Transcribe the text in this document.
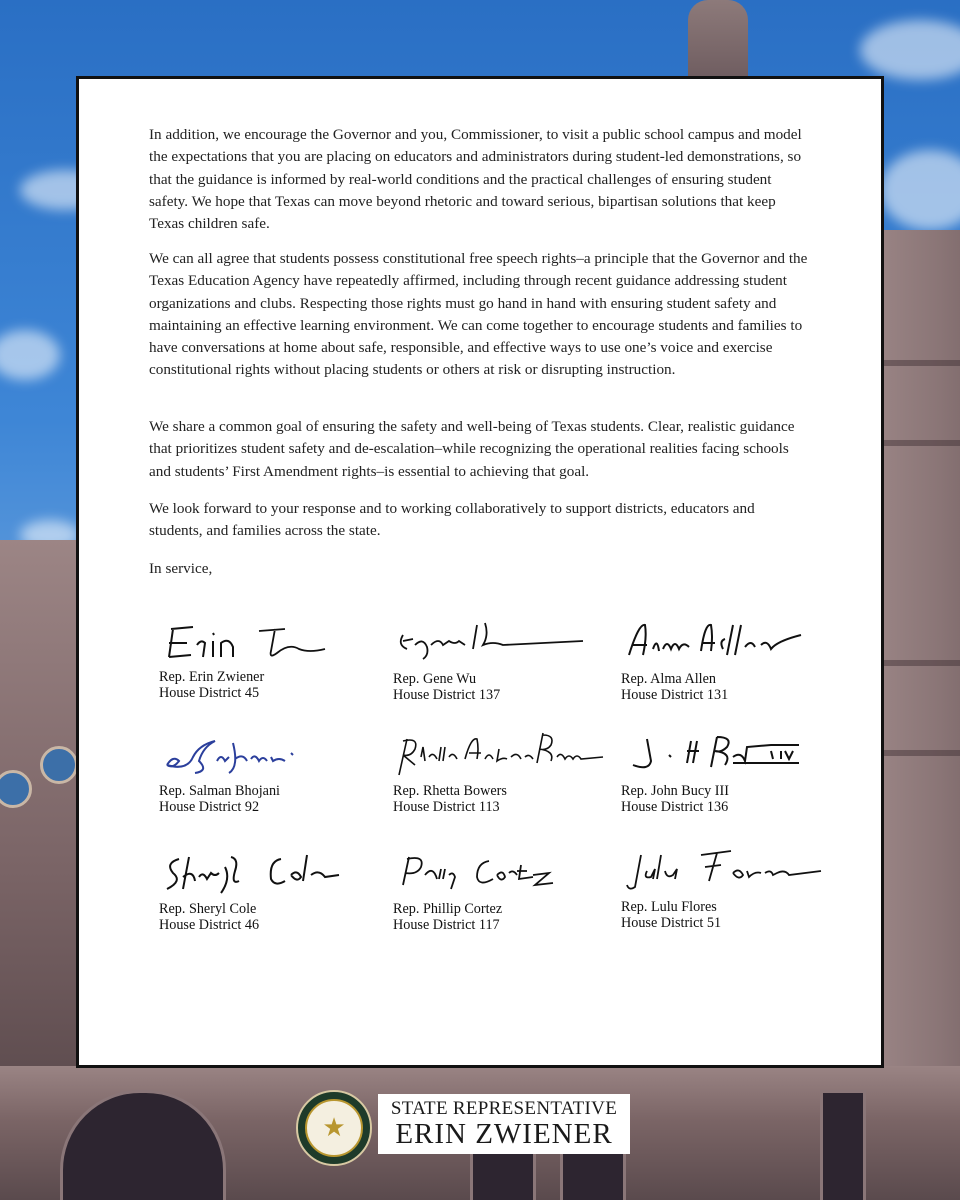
In addition, we encourage the Governor and you, Commissioner, to visit a public school campus and model the expectations that you are placing on educators and administrators during student-led demonstrations, so that the guidance is informed by real-world conditions and the practical challenges of ensuring student safety. We hope that Texas can move beyond rhetoric and toward serious, bipartisan solutions that keep Texas children safe.

We can all agree that students possess constitutional free speech rights–a principle that the Governor and the Texas Education Agency have repeatedly affirmed, including through recent guidance addressing student organizations and clubs. Respecting those rights must go hand in hand with ensuring student safety and maintaining an effective learning environment. We can come together to encourage students and families to have conversations at home about safe, responsible, and effective ways to use one’s voice and exercise constitutional rights without placing students or others at risk or disrupting instruction.

We share a common goal of ensuring the safety and well-being of Texas students. Clear, realistic guidance that prioritizes student safety and de-escalation–while recognizing the operational realities facing schools and students’ First Amendment rights–is essential to achieving that goal.

We look forward to your response and to working collaboratively to support districts, educators and students, and families across the state.

In service,

Rep. Erin Zwiener
House District 45
Rep. Gene Wu
House District 137
Rep. Alma Allen
House District 131
Rep. Salman Bhojani
House District 92
Rep. Rhetta Bowers
House District 113
Rep. John Bucy III
House District 136
Rep. Sheryl Cole
House District 46
Rep. Phillip Cortez
House District 117
Rep. Lulu Flores
House District 51
★
STATE REPRESENTATIVE
ERIN ZWIENER
